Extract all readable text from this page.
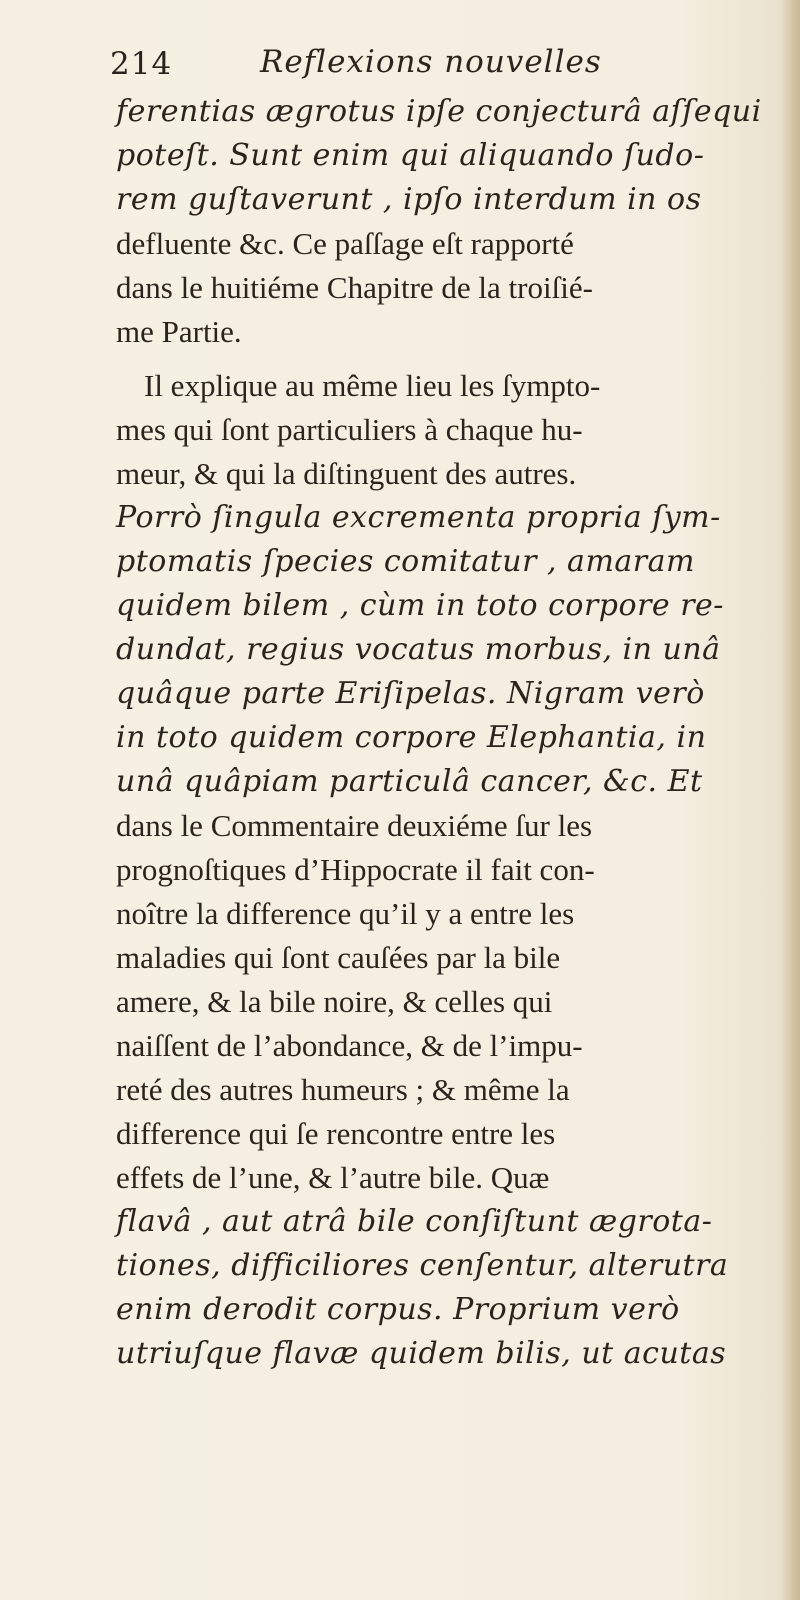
214	Reflexions nouvelles
ferentias ægrotus ipſe conjecturâ aſſequi
poteſt. Sunt enim qui aliquando ſudo-
rem guſtaverunt , ipſo interdum in os
defluente &c. Ce paſſage eſt rapporté
dans le huitiéme Chapitre de la troiſié-
me Partie.
Il explique au même lieu les ſympto-
mes qui ſont particuliers à chaque hu-
meur, & qui la diſtinguent des autres.
Porrò ſingula excrementa propria ſym-
ptomatis ſpecies comitatur , amaram
quidem bilem , cùm in toto corpore re-
dundat, regius vocatus morbus, in unâ
quâque parte Eriſipelas. Nigram verò
in toto quidem corpore Elephantia, in
unâ quâpiam particulâ cancer, &c. Et
dans le Commentaire deuxiéme ſur les
prognoſtiques d’Hippocrate il fait con-
noître la difference qu’il y a entre les
maladies qui ſont cauſées par la bile
amere, & la bile noire, & celles qui
naiſſent de l’abondance, & de l’impu-
reté des autres humeurs ; & même la
difference qui ſe rencontre entre les
effets de l’une, & l’autre bile. Quæ
flavâ , aut atrâ bile conſiſtunt ægrota-
tiones, difficiliores cenſentur, alterutra
enim derodit corpus. Proprium verò
utriuſque flavæ quidem bilis, ut acutas
